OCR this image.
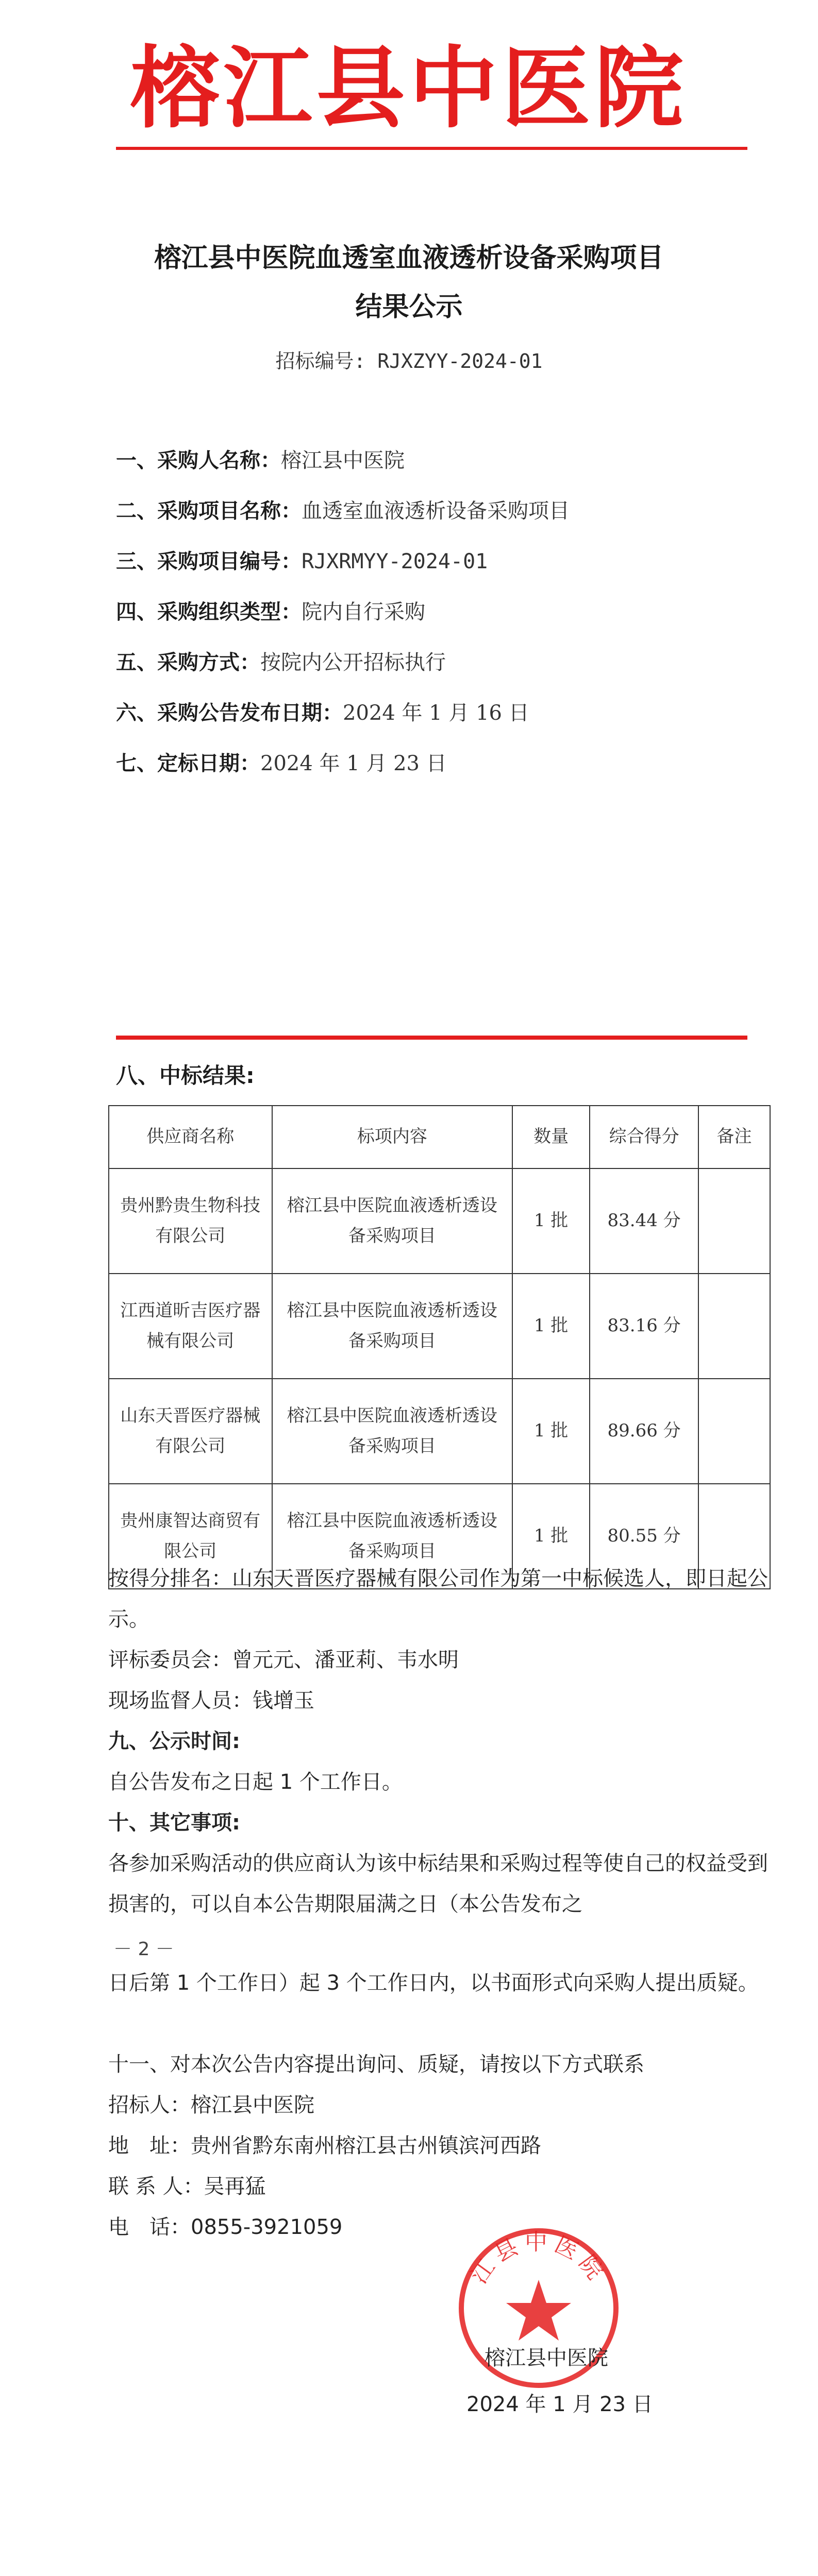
榕江县中医院
榕江县中医院血透室血液透析设备采购项目
结果公示
招标编号: RJXZYY-2024-01
一、采购人名称：榕江县中医院
二、采购项目名称：血透室血液透析设备采购项目
三、采购项目编号：RJXRMYY-2024-01
四、采购组织类型：院内自行采购
五、采购方式：按院内公开招标执行
六、采购公告发布日期：2024 年 1 月 16 日
七、定标日期：2024 年 1 月 23 日
八、中标结果:
供应商名称	标项内容	数量	综合得分	备注
贵州黔贵生物科技有限公司	榕江县中医院血液透析透设备采购项目	1 批	83.44 分	
江西道昕吉医疗器械有限公司	榕江县中医院血液透析透设备采购项目	1 批	83.16 分	
山东天晋医疗器械有限公司	榕江县中医院血液透析透设备采购项目	1 批	89.66 分	
贵州康智达商贸有限公司	榕江县中医院血液透析透设备采购项目	1 批	80.55 分	
按得分排名：山东天晋医疗器械有限公司作为第一中标候选人，即日起公示。
评标委员会：曾元元、潘亚莉、韦水明
现场监督人员：钱增玉
九、公示时间:
自公告发布之日起 1 个工作日。
十、其它事项:
各参加采购活动的供应商认为该中标结果和采购过程等使自己的权益受到损害的，可以自本公告期限届满之日（本公告发布之
－ 2 －
日后第 1 个工作日）起 3 个工作日内，以书面形式向采购人提出质疑。
十一、对本次公告内容提出询问、质疑，请按以下方式联系
招标人：榕江县中医院
地　址：贵州省黔东南州榕江县古州镇滨河西路
联 系 人：吴再猛
电　话：0855-3921059
江县中医院
榕江县中医院
2024 年 1 月 23 日
